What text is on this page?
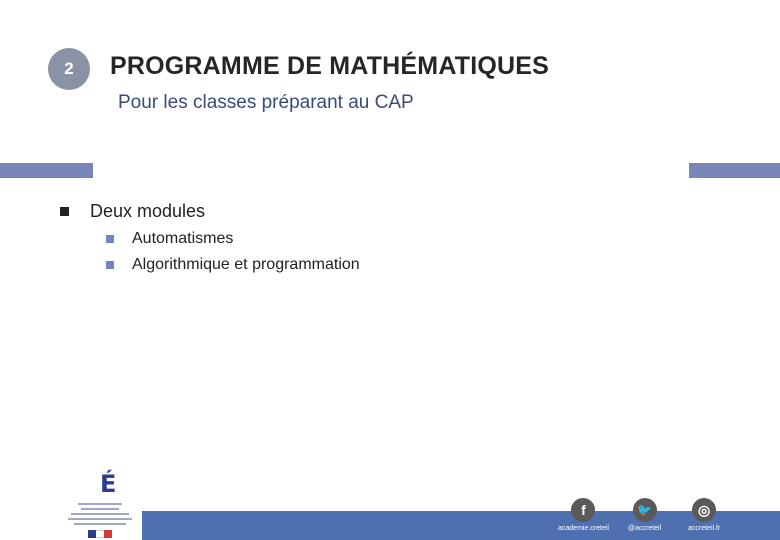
2	PROGRAMME DE MATHÉMATIQUES
Pour les classes préparant au CAP
Deux modules
Automatismes
Algorithmique et programmation
É
f
academie.creteil
🐦
@accreteil
◎
accreteil.fr
